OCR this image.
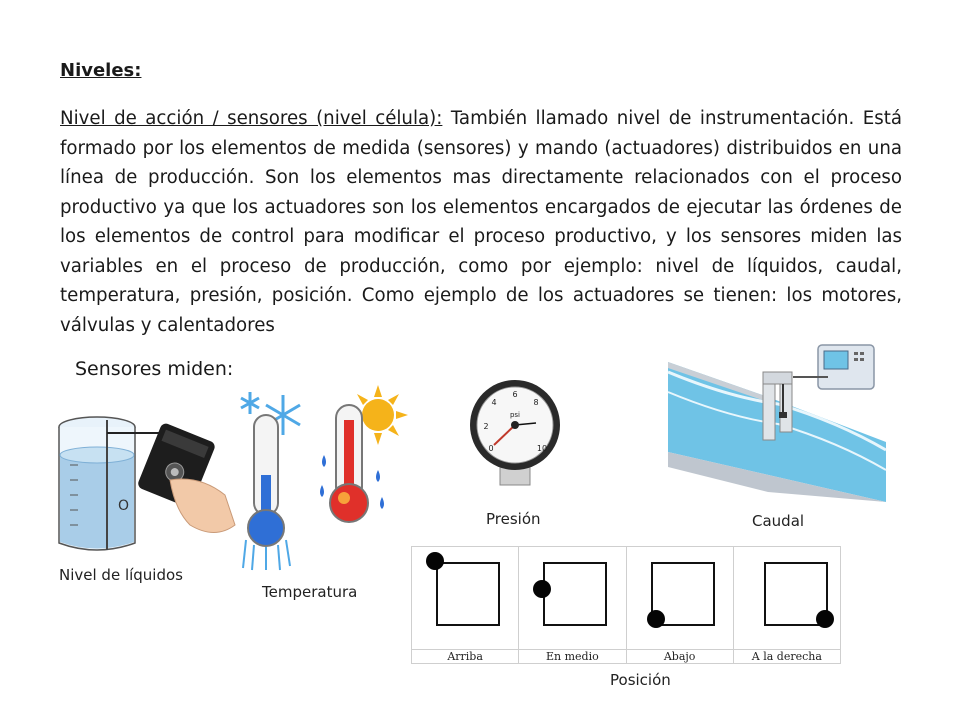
Niveles:
Nivel de acción / sensores (nivel célula): También llamado nivel de instrumentación. Está formado por los elementos de medida (sensores) y mando (actuadores) distribuidos en una línea de producción. Son los elementos mas directamente relacionados con el proceso productivo ya que los actuadores son los elementos encargados de ejecutar las órdenes de los elementos de control para modificar el proceso productivo, y los sensores miden las variables en el proceso de producción, como por ejemplo: nivel de líquidos, caudal, temperatura, presión, posición. Como ejemplo de los actuadores se tienen: los motores, válvulas y calentadores
Sensores miden:
O
0
2
4
6
8
10
psi
Nivel de líquidos
Temperatura
Presión	Caudal
Posición

Arriba	En medio	Abajo	A la derecha
